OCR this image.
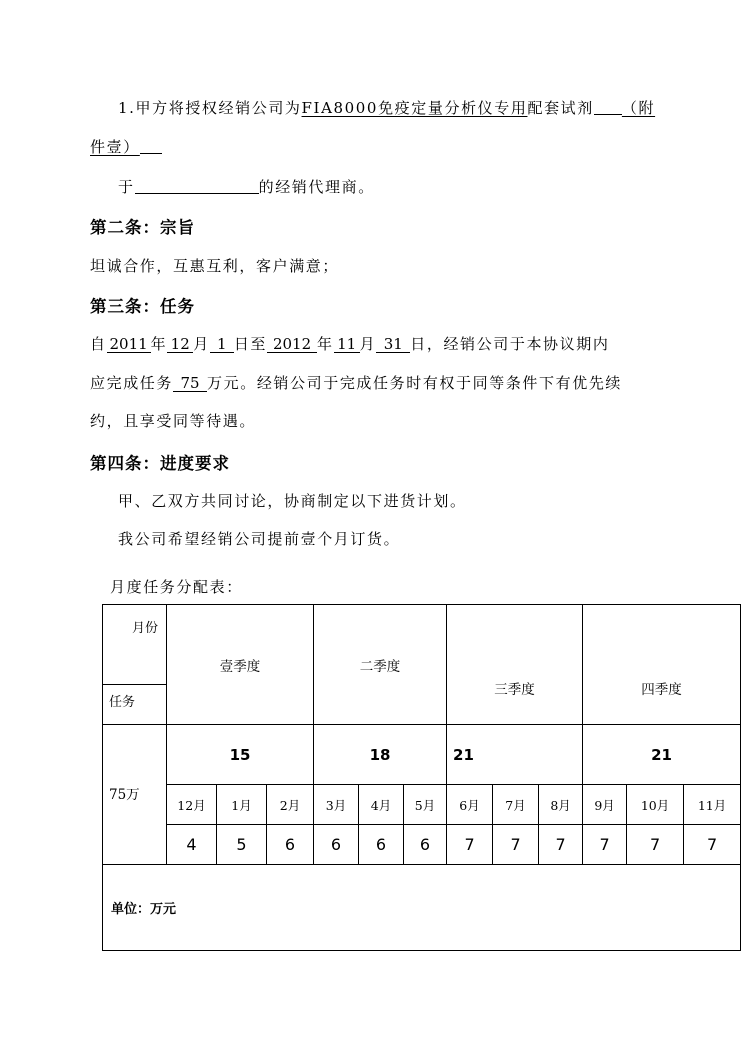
1.甲方将授权经销公司为FIA8000免疫定量分析仪专用配套试剂 （附
件壹）
于	的经销代理商。
第二条：宗旨
坦诚合作，互惠互利，客户满意；
第三条：任务
自 2011 年 12 月 1 日至 2012 年 11 月 31 日，经销公司于本协议期内
应完成任务 75 万元。经销公司于完成任务时有权于同等条件下有优先续
约，且享受同等待遇。
第四条：进度要求
甲、乙双方共同讨论，协商制定以下进货计划。
我公司希望经销公司提前壹个月订货。
月度任务分配表：
月份
任务	壹季度			二季度			三季度			四季度		
75万	15			18			21			21		
	12月	1月	2月	3月	4月	5月	6月	7月	8月	9月	10月	11月
	4	5	6	6	6	6	7	7	7	7	7	7
单位：万元												
